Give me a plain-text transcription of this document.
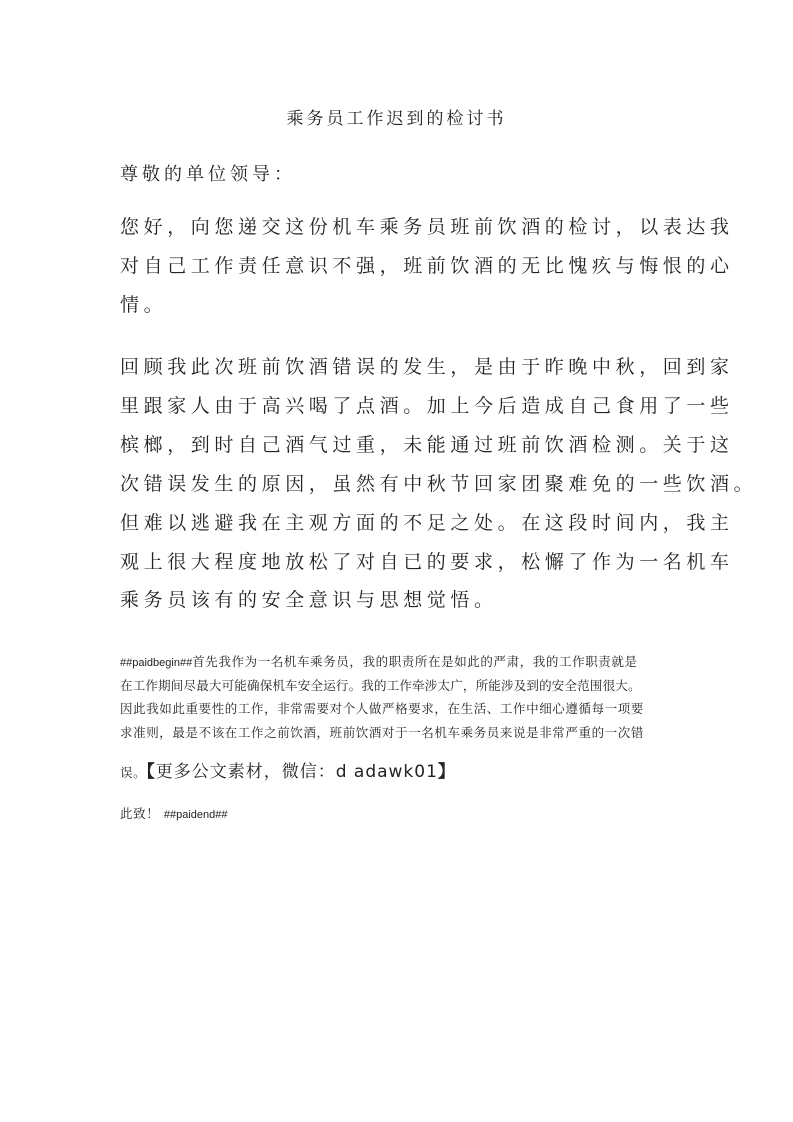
乘务员工作迟到的检讨书

尊敬的单位领导：

您好，向您递交这份机车乘务员班前饮酒的检讨，以表达我

对自己工作责任意识不强，班前饮酒的无比愧疚与悔恨的心

情。

回顾我此次班前饮酒错误的发生，是由于昨晚中秋，回到家

里跟家人由于高兴喝了点酒。加上今后造成自己食用了一些

槟榔，到时自己酒气过重，未能通过班前饮酒检测。关于这

次错误发生的原因，虽然有中秋节回家团聚难免的一些饮酒。

但难以逃避我在主观方面的不足之处。在这段时间内，我主

观上很大程度地放松了对自已的要求，松懈了作为一名机车

乘务员该有的安全意识与思想觉悟。

##paidbegin##首先我作为一名机车乘务员，我的职责所在是如此的严肃，我的工作职责就是

在工作期间尽最大可能确保机车安全运行。我的工作牵涉太广，所能涉及到的安全范围很大。

因此我如此重要性的工作，非常需要对个人做严格要求，在生活、工作中细心遵循每一项要

求准则，最是不该在工作之前饮酒，班前饮酒对于一名机车乘务员来说是非常严重的一次错

误。【更多公文素材，微信：d adawk01】

此致！ ##paidend##
